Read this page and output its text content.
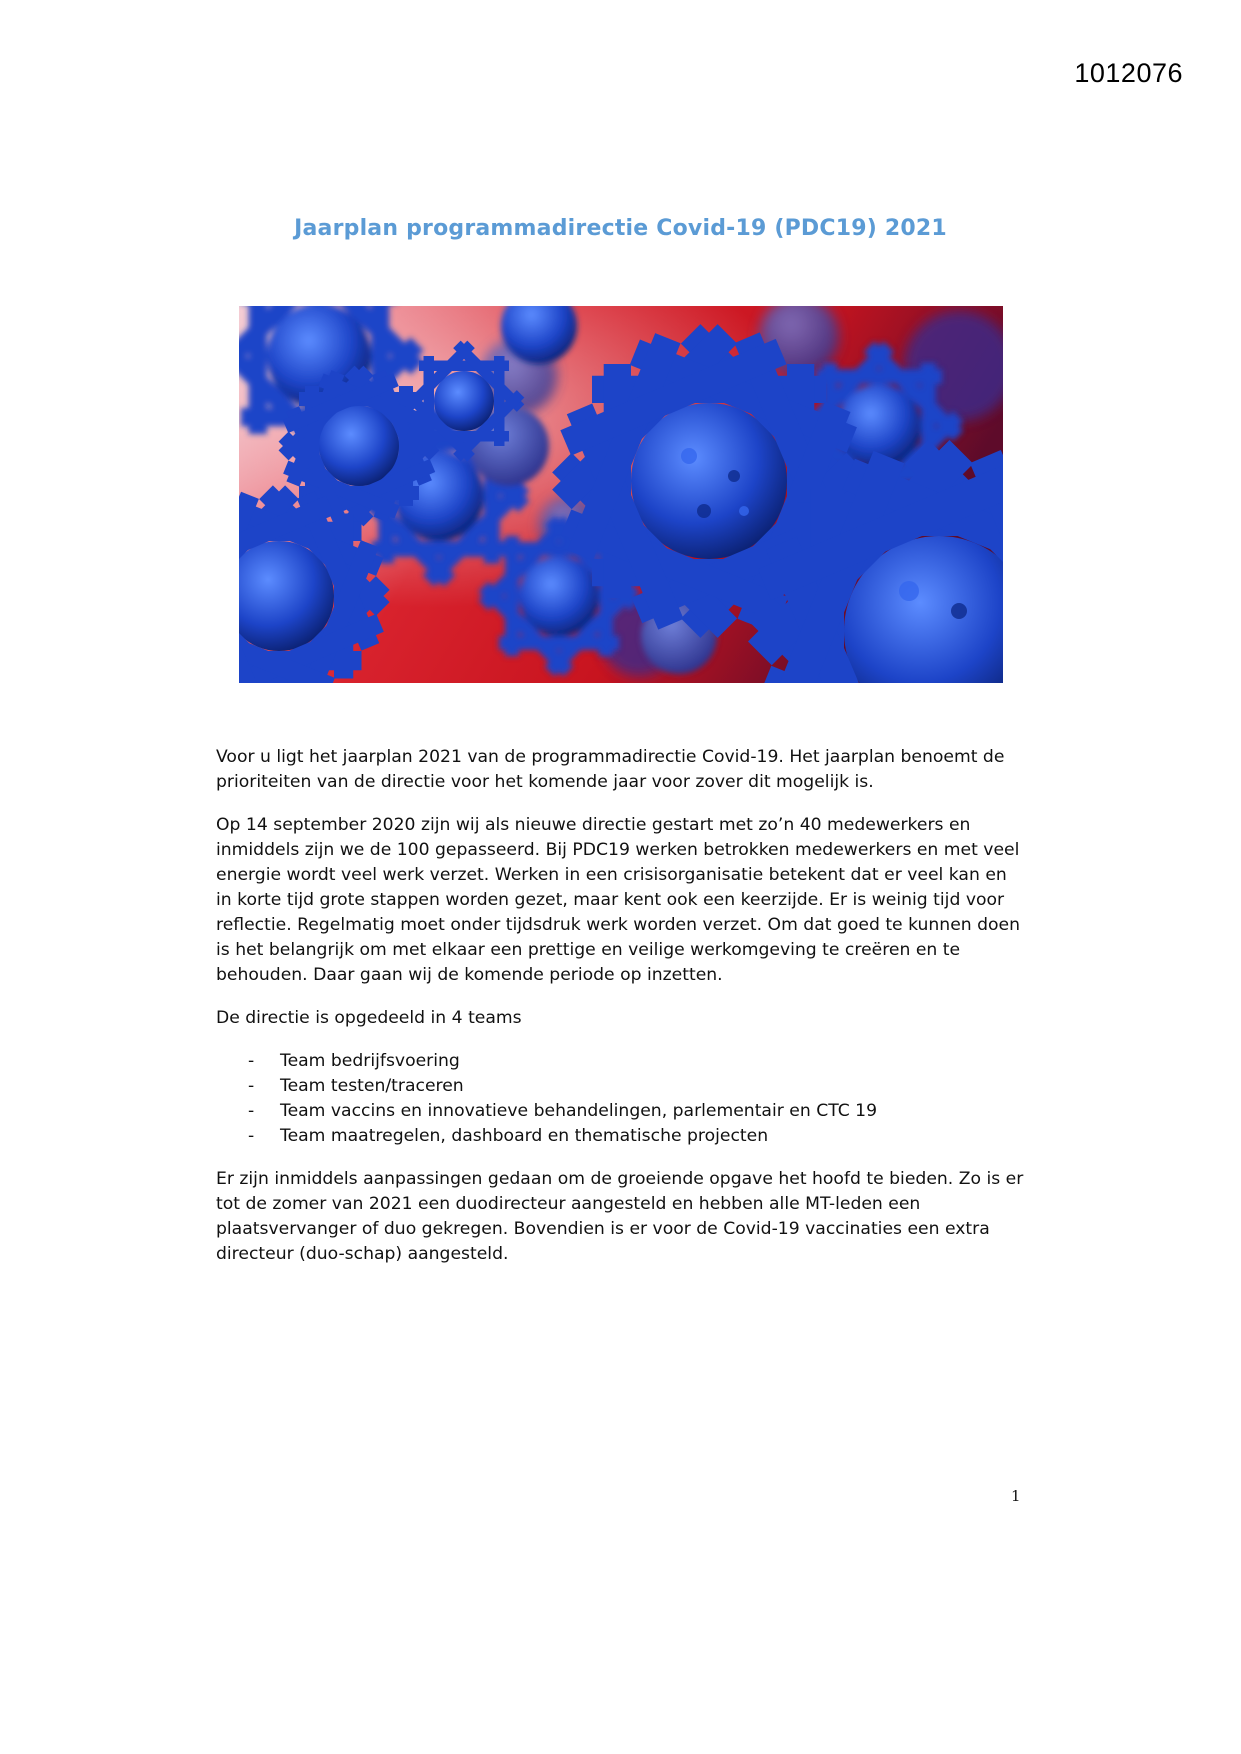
1012076
Jaarplan programmadirectie Covid-19 (PDC19) 2021

Voor u ligt het jaarplan 2021 van de programmadirectie Covid-19. Het jaarplan benoemt de prioriteiten van de directie voor het komende jaar voor zover dit mogelijk is.

Op 14 september 2020 zijn wij als nieuwe directie gestart met zo’n 40 medewerkers en inmiddels zijn we de 100 gepasseerd. Bij PDC19 werken betrokken medewerkers en met veel energie wordt veel werk verzet. Werken in een crisisorganisatie betekent dat er veel kan en in korte tijd grote stappen worden gezet, maar kent ook een keerzijde. Er is weinig tijd voor reflectie. Regelmatig moet onder tijdsdruk werk worden verzet. Om dat goed te kunnen doen is het belangrijk om met elkaar een prettige en veilige werkomgeving te creëren en te behouden. Daar gaan wij de komende periode op inzetten.

De directie is opgedeeld in 4 teams

- Team bedrijfsvoering
- Team testen/traceren
- Team vaccins en innovatieve behandelingen, parlementair en CTC 19
- Team maatregelen, dashboard en thematische projecten

Er zijn inmiddels aanpassingen gedaan om de groeiende opgave het hoofd te bieden. Zo is er tot de zomer van 2021 een duodirecteur aangesteld en hebben alle MT-leden een plaatsvervanger of duo gekregen. Bovendien is er voor de Covid-19 vaccinaties een extra directeur (duo-schap) aangesteld.

1
